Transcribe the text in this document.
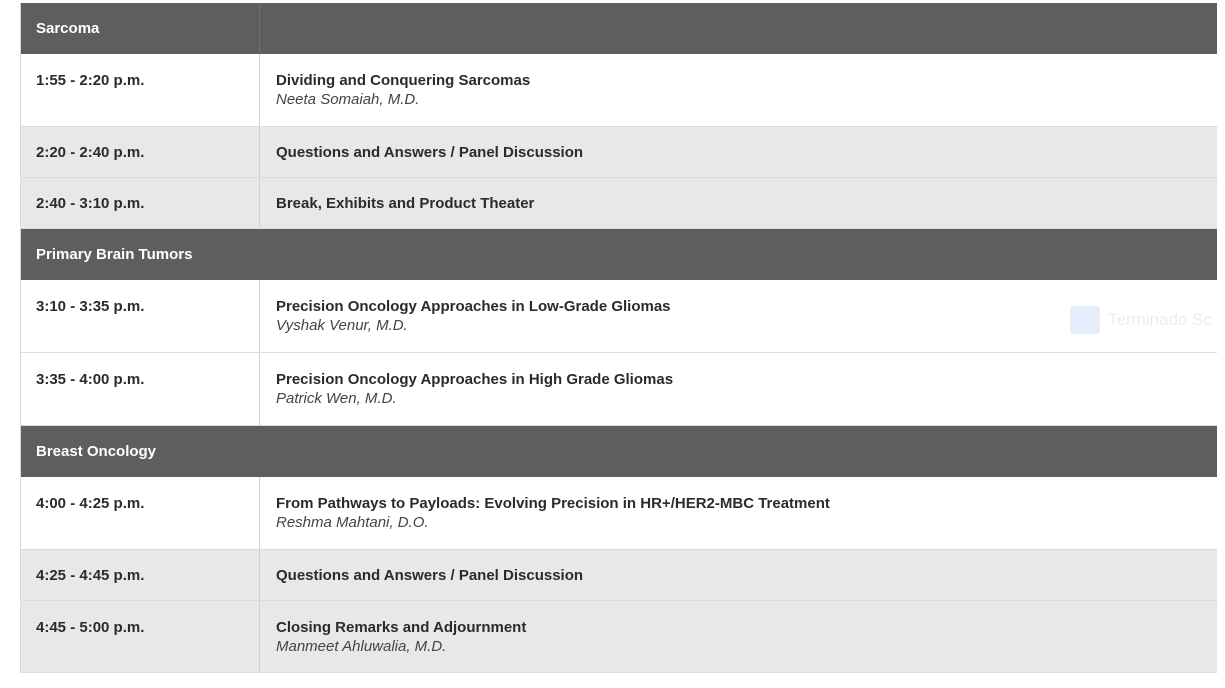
Sarcoma
1:55 - 2:20 p.m.	Dividing and Conquering Sarcomas
Neeta Somaiah, M.D.
2:20 - 2:40 p.m.	Questions and Answers / Panel Discussion
2:40 - 3:10 p.m.	Break, Exhibits and Product Theater
Primary Brain Tumors
3:10 - 3:35 p.m.	Precision Oncology Approaches in Low-Grade Gliomas
Vyshak Venur, M.D.
3:35 - 4:00 p.m.	Precision Oncology Approaches in High Grade Gliomas
Patrick Wen, M.D.
Breast Oncology
4:00 - 4:25 p.m.	From Pathways to Payloads: Evolving Precision in HR+/HER2-MBC Treatment
Reshma Mahtani, D.O.
4:25 - 4:45 p.m.	Questions and Answers / Panel Discussion
4:45 - 5:00 p.m.	Closing Remarks and Adjournment
Manmeet Ahluwalia, M.D.
Terminado Sc
